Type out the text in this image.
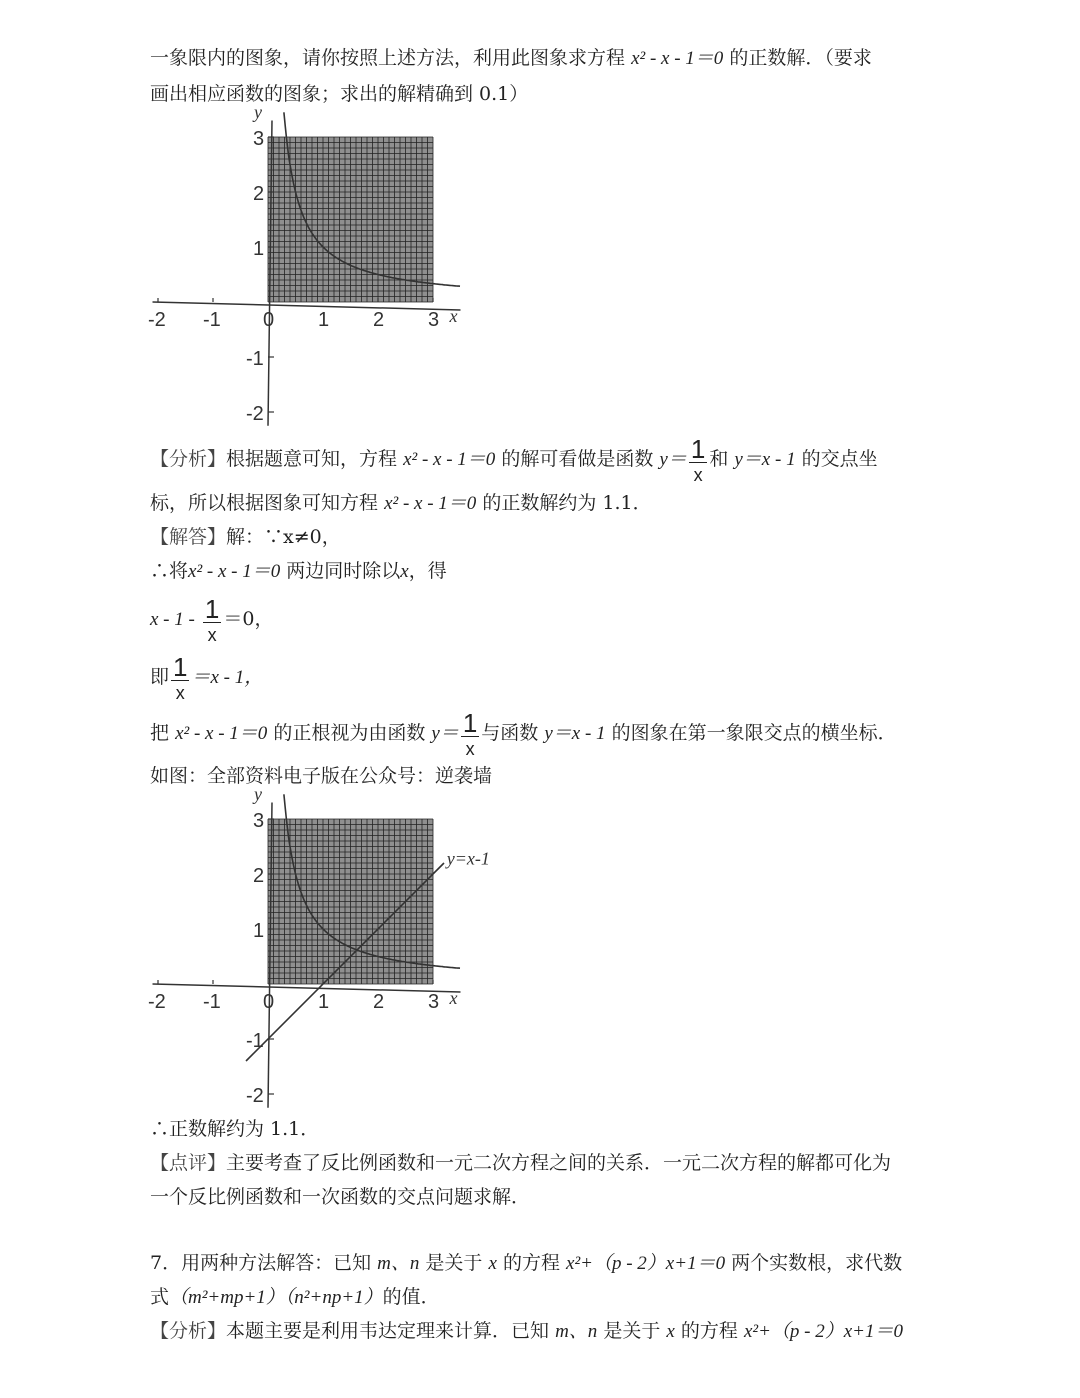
一象限内的图象，请你按照上述方法，利用此图象求方程 x² - x - 1＝0 的正数解．（要求
画出相应函数的图象；求出的解精确到 0.1）
-2 -1 0 1 2 3
3
2
1
-1
-2
x
y
【分析】根据题意可知，方程 x² - x - 1＝0 的解可看做是函数 $y= \frac{1}{x}$ 和 y＝x - 1 的交点坐
标，所以根据图象可知方程 x² - x - 1＝0 的正数解约为 1.1．
【解答】解：∵x≠0，
∴将x² - x - 1＝0 两边同时除以x，得
$x - 1 - \frac{1}{x} =0$，
即 $\frac{1}{x} =x - 1$，
把 x² - x - 1＝0 的正根视为由函数 $y= \frac{1}{x}$ 与函数 y＝x - 1 的图象在第一象限交点的横坐标．
如图：全部资料电子版在公众号：逆袭墙
-2 -1 0 1 2 3
3
2
1
-1
-2
x
y
y=x-1
∴正数解约为 1.1．
【点评】主要考查了反比例函数和一元二次方程之间的关系．一元二次方程的解都可化为
一个反比例函数和一次函数的交点问题求解．
7．用两种方法解答：已知 m、n 是关于 x 的方程 x²+（p - 2）x+1＝0 两个实数根，求代数
式（m²+mp+1）（n²+np+1）的值．
【分析】本题主要是利用韦达定理来计算．已知 m、n 是关于 x 的方程 x²+（p - 2）x+1＝0
